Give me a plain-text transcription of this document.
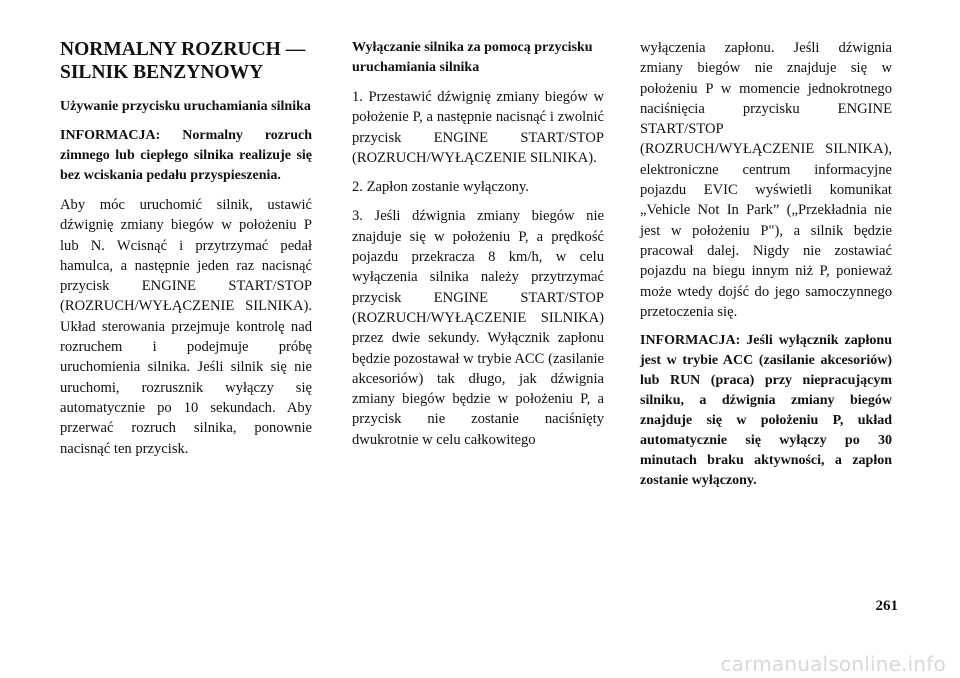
NORMALNY ROZRUCH — SILNIK BENZYNOWY
Używanie przycisku uruchamiania silnika
INFORMACJA: Normalny rozruch zimnego lub ciepłego silnika realizuje się bez wciskania pedału przyspieszenia.

Aby móc uruchomić silnik, ustawić dźwignię zmiany biegów w położeniu P lub N. Wcisnąć i przytrzymać pedał hamulca, a następnie jeden raz nacisnąć przycisk ENGINE START/STOP (ROZRUCH/WYŁĄCZENIE SILNIKA). Układ sterowania przejmuje kontrolę nad rozruchem i podejmuje próbę uruchomienia silnika. Jeśli silnik się nie uruchomi, rozrusznik wyłączy się automatycznie po 10 sekundach. Aby przerwać rozruch silnika, ponownie nacisnąć ten przycisk.

Wyłączanie silnika za pomocą przycisku uruchamiania silnika

1. Przestawić dźwignię zmiany biegów w położenie P, a następnie nacisnąć i zwolnić przycisk ENGINE START/STOP (ROZRUCH/WYŁĄCZENIE SILNIKA).

2. Zapłon zostanie wyłączony.

3. Jeśli dźwignia zmiany biegów nie znajduje się w położeniu P, a prędkość pojazdu przekracza 8 km/h, w celu wyłączenia silnika należy przytrzymać przycisk ENGINE START/STOP (ROZRUCH/WYŁĄCZENIE SILNIKA) przez dwie sekundy. Wyłącznik zapłonu będzie pozostawał w trybie ACC (zasilanie akcesoriów) tak długo, jak dźwignia zmiany biegów będzie w położeniu P, a przycisk nie zostanie naciśnięty dwukrotnie w celu całkowitego

wyłączenia zapłonu. Jeśli dźwignia zmiany biegów nie znajduje się w położeniu P w momencie jednokrotnego naciśnięcia przycisku ENGINE START/STOP (ROZRUCH/WYŁĄCZENIE SILNIKA), elektroniczne centrum informacyjne pojazdu EVIC wyświetli komunikat „Vehicle Not In Park” („Przekładnia nie jest w położeniu P"), a silnik będzie pracował dalej. Nigdy nie zostawiać pojazdu na biegu innym niż P, ponieważ może wtedy dojść do jego samoczynnego przetoczenia się.

INFORMACJA: Jeśli wyłącznik zapłonu jest w trybie ACC (zasilanie akcesoriów) lub RUN (praca) przy niepracującym silniku, a dźwignia zmiany biegów znajduje się w położeniu P, układ automatycznie się wyłączy po 30 minutach braku aktywności, a zapłon zostanie wyłączony.
261
carmanualsonline.info
